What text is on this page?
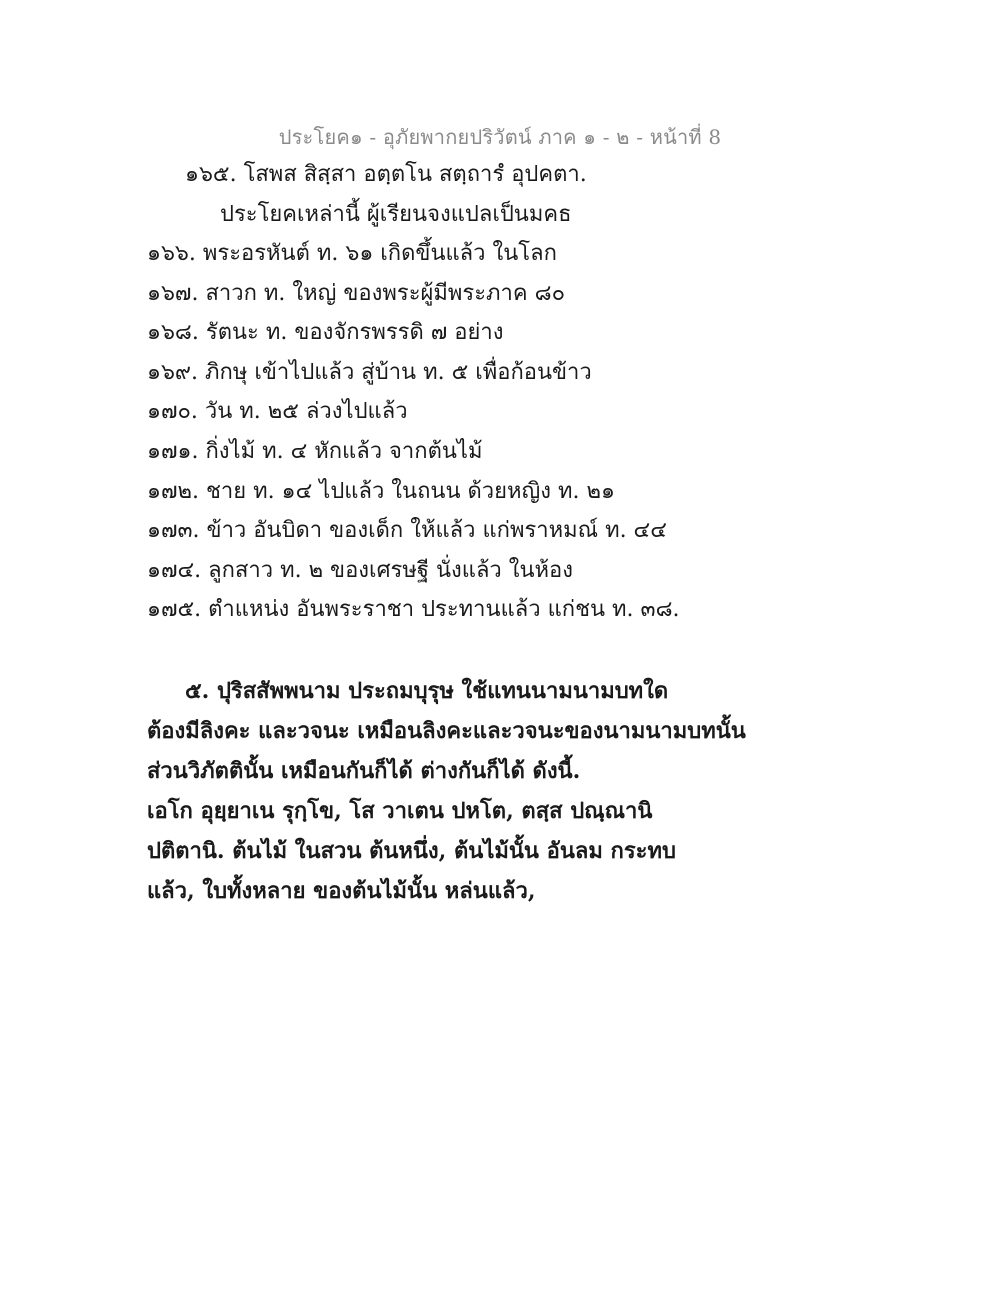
ประโยค๑ - อุภัยพากยปริวัตน์ ภาค ๑ - ๒ - หน้าที่ 8
๑๖๕. โสพส สิสฺสา อตฺตโน สตฺถารํ อุปคตา.
ประโยคเหล่านี้ ผู้เรียนจงแปลเป็นมคธ
๑๖๖. พระอรหันต์ ท. ๖๑ เกิดขึ้นแล้ว ในโลก
๑๖๗. สาวก ท. ใหญ่ ของพระผู้มีพระภาค ๘๐
๑๖๘. รัตนะ ท. ของจักรพรรดิ ๗ อย่าง
๑๖๙. ภิกษุ เข้าไปแล้ว สู่บ้าน ท. ๕ เพื่อก้อนข้าว
๑๗๐. วัน ท. ๒๕ ล่วงไปแล้ว
๑๗๑. กิ่งไม้ ท. ๔ หักแล้ว จากต้นไม้
๑๗๒. ชาย ท. ๑๔ ไปแล้ว ในถนน ด้วยหญิง ท. ๒๑
๑๗๓. ข้าว อันบิดา ของเด็ก ให้แล้ว แก่พราหมณ์ ท. ๔๔
๑๗๔. ลูกสาว ท. ๒ ของเศรษฐี นั่งแล้ว ในห้อง
๑๗๕. ตำแหน่ง อันพระราชา ประทานแล้ว แก่ชน ท. ๓๘.
๕. ปุริสสัพพนาม ประถมบุรุษ ใช้แทนนามนามบทใด
ต้องมีลิงคะ และวจนะ เหมือนลิงคะและวจนะของนามนามบทนั้น
ส่วนวิภัตตินั้น เหมือนกันก็ได้ ต่างกันก็ได้ ดังนี้.
เอโก อุยฺยาเน รุกฺโข, โส วาเตน ปหโต, ตสฺส ปณฺณานิ
ปติตานิ. ต้นไม้ ในสวน ต้นหนึ่ง, ต้นไม้นั้น อันลม กระทบ
แล้ว, ใบทั้งหลาย ของต้นไม้นั้น หล่นแล้ว,
